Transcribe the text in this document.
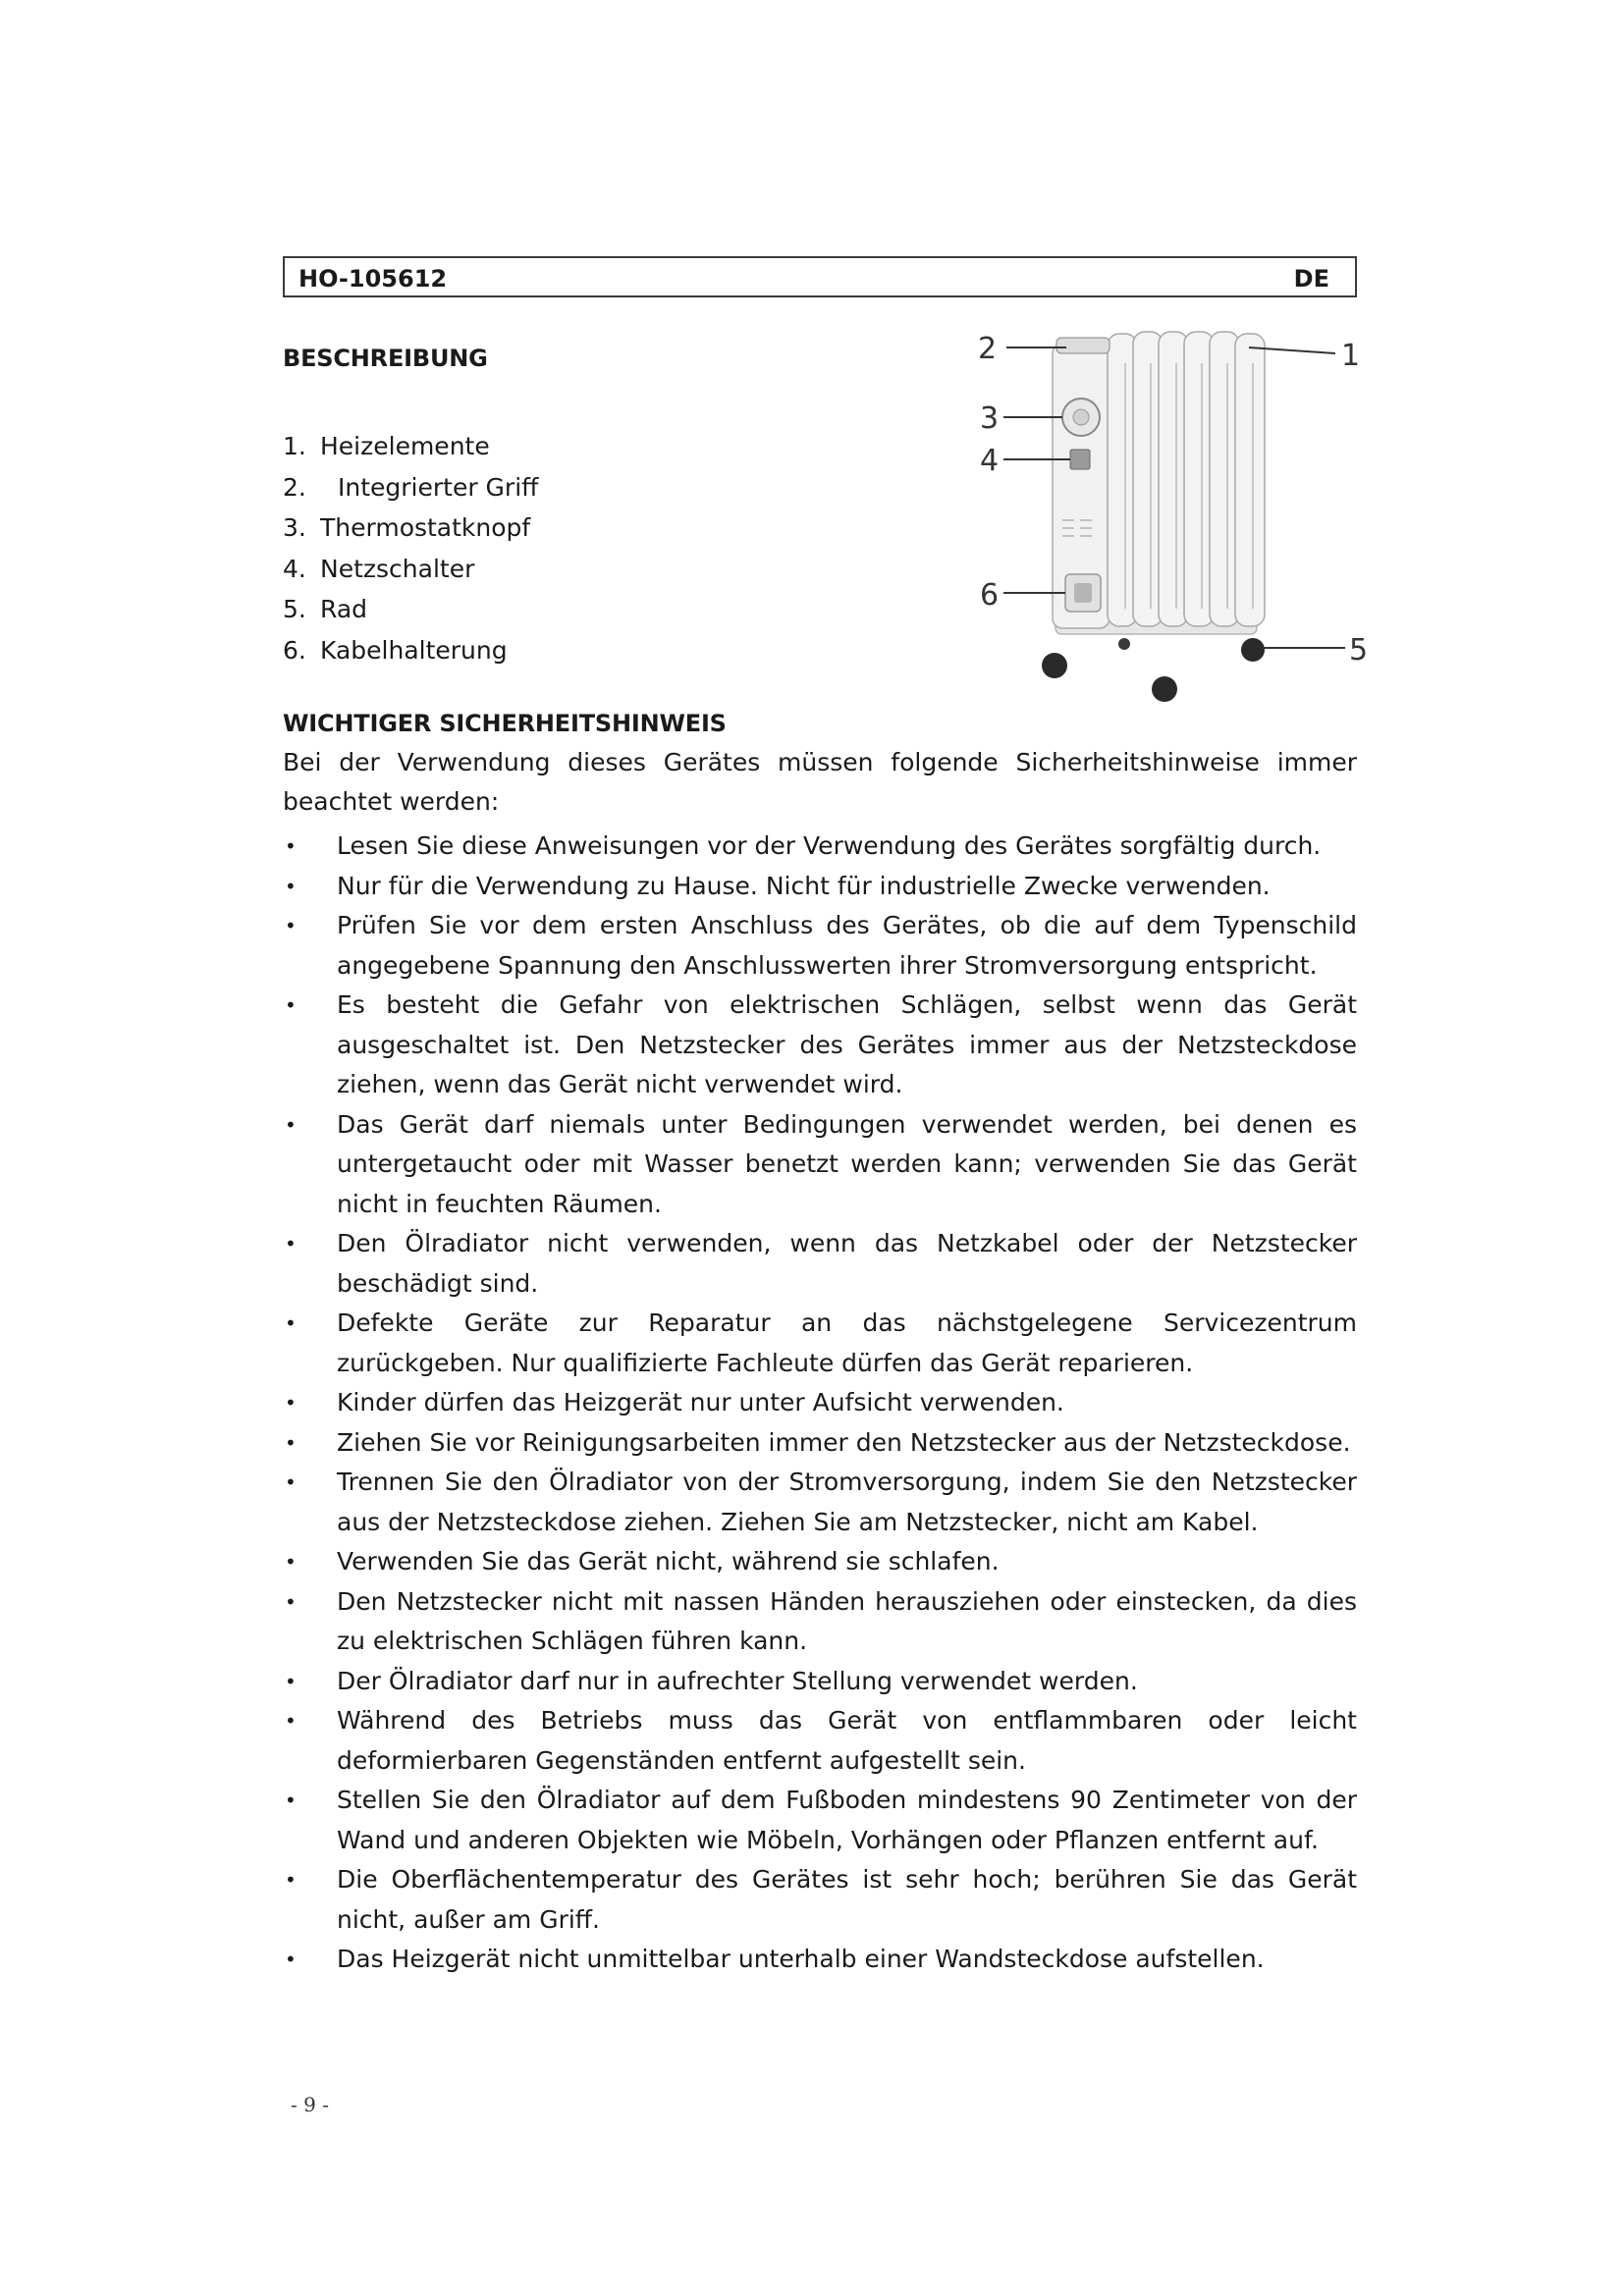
HO-105612	DE
BESCHREIBUNG
1. Heizelemente
2. Integrierter Griff
3. Thermostatknopf
4. Netzschalter
5. Rad
6. Kabelhalterung
2	1
3
4
6
5
WICHTIGER SICHERHEITSHINWEIS
Bei der Verwendung dieses Gerätes müssen folgende Sicherheitshinweise immer beachtet werden:
• Lesen Sie diese Anweisungen vor der Verwendung des Gerätes sorgfältig durch.
• Nur für die Verwendung zu Hause. Nicht für industrielle Zwecke verwenden.
• Prüfen Sie vor dem ersten Anschluss des Gerätes, ob die auf dem Typenschild angegebene Spannung den Anschlusswerten ihrer Stromversorgung entspricht.
• Es besteht die Gefahr von elektrischen Schlägen, selbst wenn das Gerät ausgeschaltet ist. Den Netzstecker des Gerätes immer aus der Netzsteckdose ziehen, wenn das Gerät nicht verwendet wird.
• Das Gerät darf niemals unter Bedingungen verwendet werden, bei denen es untergetaucht oder mit Wasser benetzt werden kann; verwenden Sie das Gerät nicht in feuchten Räumen.
• Den Ölradiator nicht verwenden, wenn das Netzkabel oder der Netzstecker beschädigt sind.
• Defekte Geräte zur Reparatur an das nächstgelegene Servicezentrum zurückgeben. Nur qualifizierte Fachleute dürfen das Gerät reparieren.
• Kinder dürfen das Heizgerät nur unter Aufsicht verwenden.
• Ziehen Sie vor Reinigungsarbeiten immer den Netzstecker aus der Netzsteckdose.
• Trennen Sie den Ölradiator von der Stromversorgung, indem Sie den Netzstecker aus der Netzsteckdose ziehen. Ziehen Sie am Netzstecker, nicht am Kabel.
• Verwenden Sie das Gerät nicht, während sie schlafen.
• Den Netzstecker nicht mit nassen Händen herausziehen oder einstecken, da dies zu elektrischen Schlägen führen kann.
• Der Ölradiator darf nur in aufrechter Stellung verwendet werden.
• Während des Betriebs muss das Gerät von entflammbaren oder leicht deformierbaren Gegenständen entfernt aufgestellt sein.
• Stellen Sie den Ölradiator auf dem Fußboden mindestens 90 Zentimeter von der Wand und anderen Objekten wie Möbeln, Vorhängen oder Pflanzen entfernt auf.
• Die Oberflächentemperatur des Gerätes ist sehr hoch; berühren Sie das Gerät nicht, außer am Griff.
• Das Heizgerät nicht unmittelbar unterhalb einer Wandsteckdose aufstellen.
- 9 -
